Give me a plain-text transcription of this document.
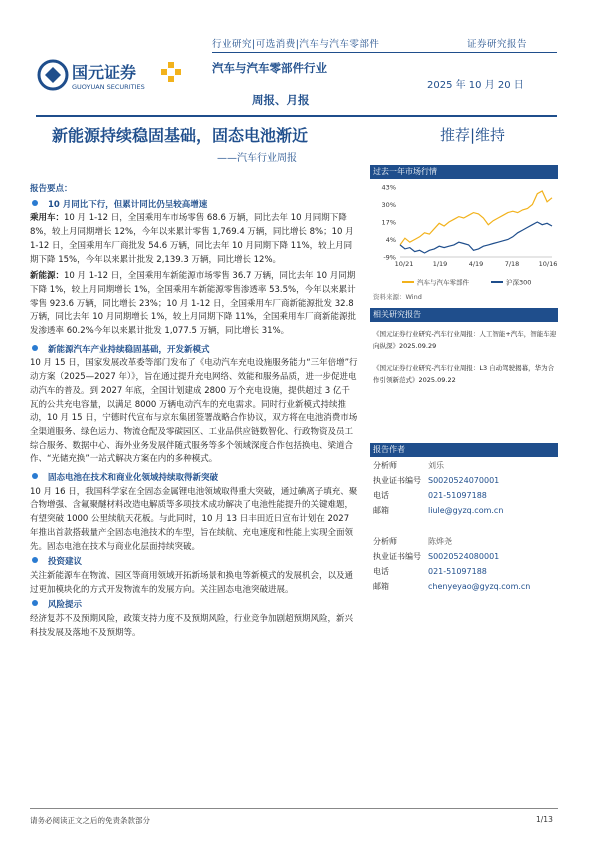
行业研究|可选消费|汽车与汽车零部件	证券研究报告
国元证券
GUOYUAN SECURITIES
汽车与汽车零部件行业
2025 年 10 月 20 日
周报、月报
新能源持续稳固基础，固态电池渐近
——汽车行业周报
推荐|维持

报告要点：

10 月同比下行，但累计同比仍呈较高增速

乘用车：10 月 1-12 日，全国乘用车市场零售 68.6 万辆，同比去年 10 月同期下降 8%，较上月同期增长 12%，今年以来累计零售 1,769.4 万辆，同比增长 8%；10 月 1-12 日，全国乘用车厂商批发 54.6 万辆，同比去年 10 月同期下降 11%，较上月同期下降 15%，今年以来累计批发 2,139.3 万辆，同比增长 12%。

新能源：10 月 1-12 日，全国乘用车新能源市场零售 36.7 万辆，同比去年 10 月同期下降 1%，较上月同期增长 1%，全国乘用车新能源零售渗透率 53.5%，今年以来累计零售 923.6 万辆，同比增长 23%；10 月 1-12 日，全国乘用车厂商新能源批发 32.8 万辆，同比去年 10 月同期增长 1%，较上月同期下降 11%，全国乘用车厂商新能源批发渗透率 60.2%今年以来累计批发 1,077.5 万辆，同比增长 31%。

新能源汽车产业持续稳固基础，开发新模式

10 月 15 日，国家发展改革委等部门发布了《电动汽车充电设施服务能力“三年倍增”行动方案（2025—2027 年）》，旨在通过提升充电网络、效能和服务品质，进一步促进电动汽车的普及。到 2027 年底，全国计划建成 2800 万个充电设施，提供超过 3 亿千瓦的公共充电容量，以满足 8000 万辆电动汽车的充电需求。同时行业新模式持续推动，10 月 15 日，宁德时代宣布与京东集团签署战略合作协议，双方将在电池消费市场全渠道服务、绿色运力、物流仓配及零碳园区、工业品供应链数智化、行政物资及员工综合服务、数据中心、海外业务发展伴随式服务等多个领域深度合作包括换电、梁道合作、“光储充换”一站式解决方案在内的多种模式。

固态电池在技术和商业化领域持续取得新突破

10 月 16 日，我国科学家在全固态金属锂电池领域取得重大突破，通过碘离子填充、聚合物增强、含氟聚醚材料改造电解质等多项技术成功解决了电池性能提升的关键难题，有望突破 1000 公里续航天花板。与此同时，10 月 13 日丰田近日宣布计划在 2027 年推出首款搭载量产全固态电池技术的车型，旨在续航、充电速度和性能上实现全面领先。固态电池在技术与商业化层面持续突破。

投资建议

关注新能源车在物流、园区等商用领域开拓新场景和换电等新模式的发展机会，以及通过更加模块化的方式开发物流车的发展方向。关注固态电池突破进展。

风险提示

经济复苏不及预期风险，政策支持力度不及预期风险，行业竞争加剧超预期风险，新兴科技发展及落地不及预期等。

过去一年市场行情
43%
30%
17%
4%
-9%
10/21	1/19	4/19	7/18	10/16
汽车与汽车零部件	沪深300
资料来源：Wind
相关研究报告

《国元证券行业研究-汽车行业周报：人工智能+汽车，智能车迎向纵深》2025.09.29

《国元证券行业研究-汽车行业周报：L3 自动驾驶揭幕，华为合作引领新范式》2025.09.22

报告作者
分析师	刘乐
执业证书编号 S0020524070001
电话	021-51097188
邮箱	liule@gyzq.com.cn
分析师	陈烨尧
执业证书编号 S0020524080001
电话	021-51097188
邮箱	chenyeyao@gyzq.com.cn
请务必阅读正文之后的免责条款部分	1/13
